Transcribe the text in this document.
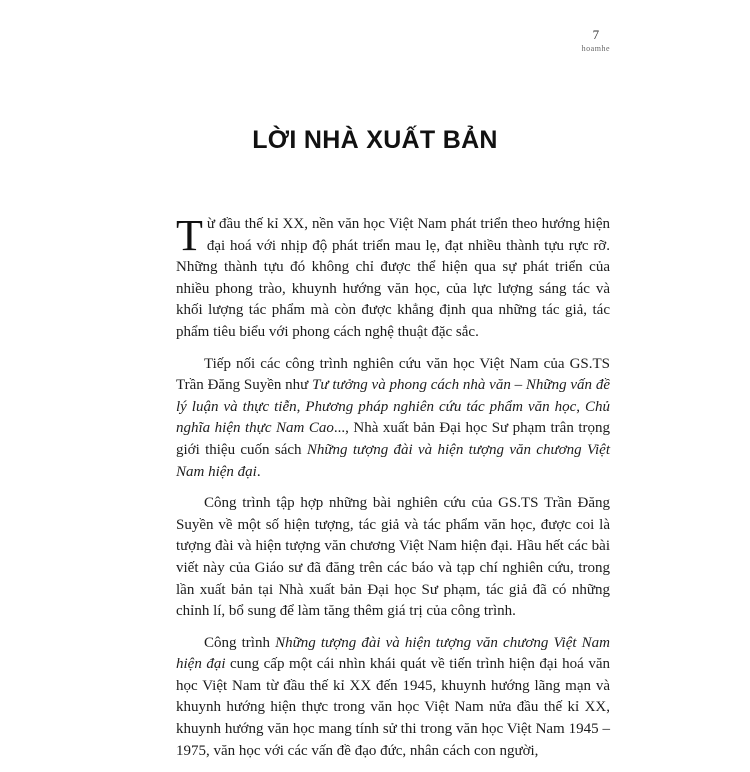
7
hoamhe
LỜI NHÀ XUẤT BẢN

Từ đầu thế kỉ XX, nền văn học Việt Nam phát triển theo hướng hiện đại hoá với nhịp độ phát triển mau lẹ, đạt nhiều thành tựu rực rỡ. Những thành tựu đó không chỉ được thể hiện qua sự phát triển của nhiều phong trào, khuynh hướng văn học, của lực lượng sáng tác và khối lượng tác phẩm mà còn được khẳng định qua những tác giả, tác phẩm tiêu biểu với phong cách nghệ thuật đặc sắc.

Tiếp nối các công trình nghiên cứu văn học Việt Nam của GS.TS Trần Đăng Suyền như Tư tưởng và phong cách nhà văn – Những vấn đề lý luận và thực tiễn, Phương pháp nghiên cứu tác phẩm văn học, Chủ nghĩa hiện thực Nam Cao..., Nhà xuất bản Đại học Sư phạm trân trọng giới thiệu cuốn sách Những tượng đài và hiện tượng văn chương Việt Nam hiện đại.

Công trình tập hợp những bài nghiên cứu của GS.TS Trần Đăng Suyền về một số hiện tượng, tác giả và tác phẩm văn học, được coi là tượng đài và hiện tượng văn chương Việt Nam hiện đại. Hầu hết các bài viết này của Giáo sư đã đăng trên các báo và tạp chí nghiên cứu, trong lần xuất bản tại Nhà xuất bản Đại học Sư phạm, tác giả đã có những chỉnh lí, bổ sung để làm tăng thêm giá trị của công trình.

Công trình Những tượng đài và hiện tượng văn chương Việt Nam hiện đại cung cấp một cái nhìn khái quát về tiến trình hiện đại hoá văn học Việt Nam từ đầu thế kỉ XX đến 1945, khuynh hướng lãng mạn và khuynh hướng hiện thực trong văn học Việt Nam nửa đầu thế kỉ XX, khuynh hướng văn học mang tính sử thi trong văn học Việt Nam 1945 – 1975, văn học với các vấn đề đạo đức, nhân cách con người,
